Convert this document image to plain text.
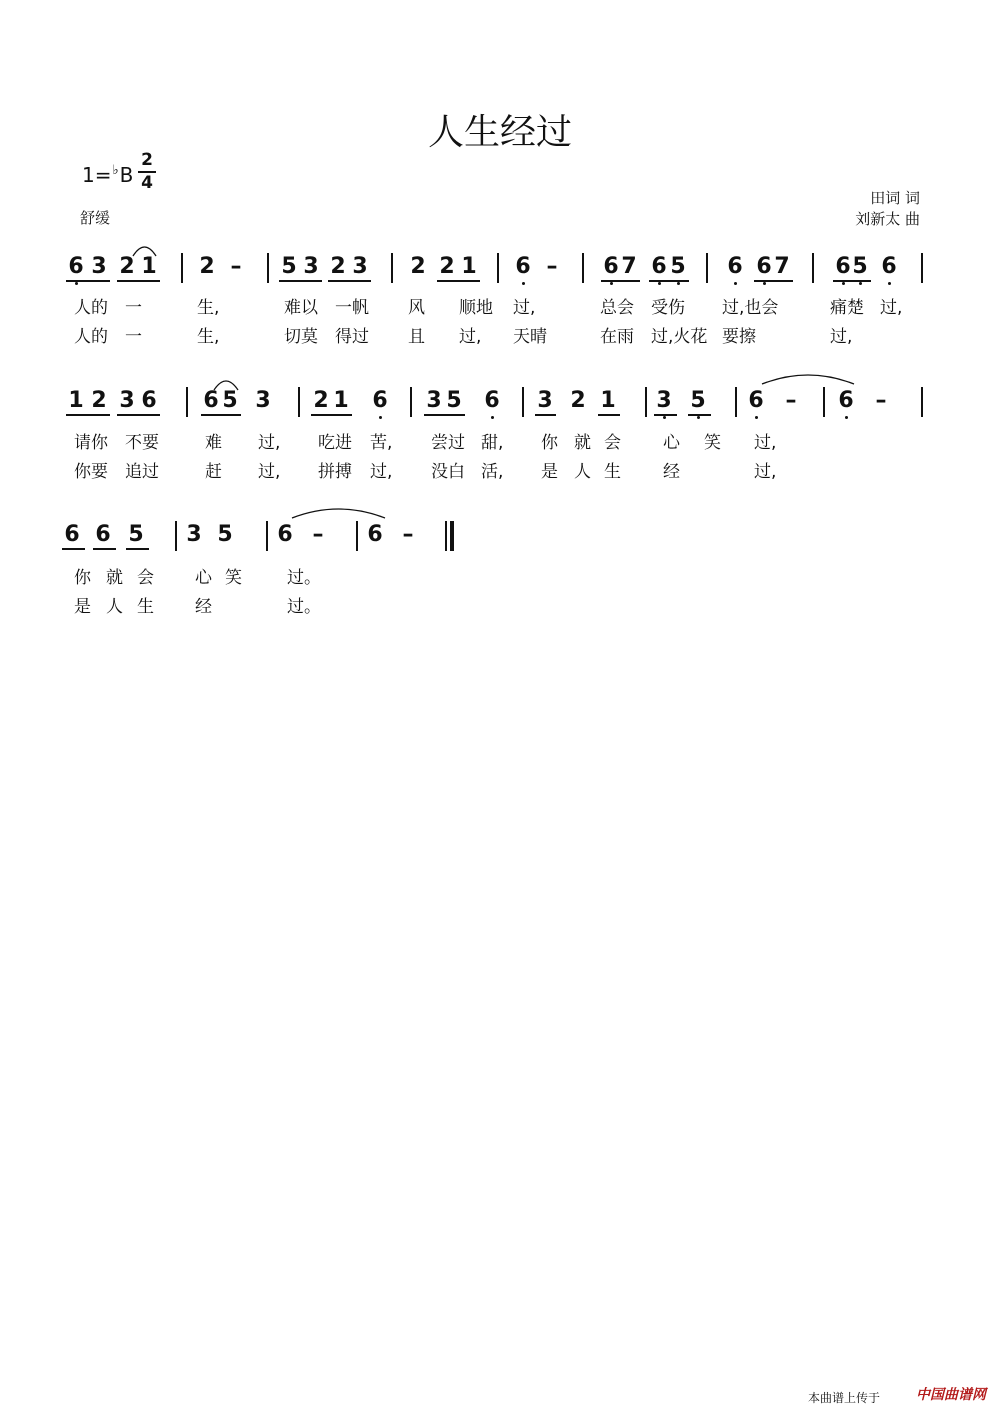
人生经过
1=♭B
2
4
舒缓
田词 词
刘新太 曲
6 3 2 1 2 – 5 3 2 3 2 2 1 6 – 6 7 6 5 6 6 7 6 5 6
人的 一	生,	难以 一帆 风 顺地 过,	总会 受伤 过,也会	痛楚 过,
人的 一	生,	切莫 得过 且 过, 天晴	在雨 过,火花 要擦	过,
1 2 3 6 6 5 3 2 1 6 3 5 6 3 2 1 3 5 6 – 6 –
请你 不要	难 过, 吃进 苦, 尝过 甜, 你 就 会 心 笑 过,
你要 追过	赶 过, 拼搏 过, 没白 活, 是 人 生 经	过,
6 6 5 3 5 6 – 6 –
你 就 会 心 笑	过。
是 人 生 经	过。
本曲谱上传于	中国曲谱网
